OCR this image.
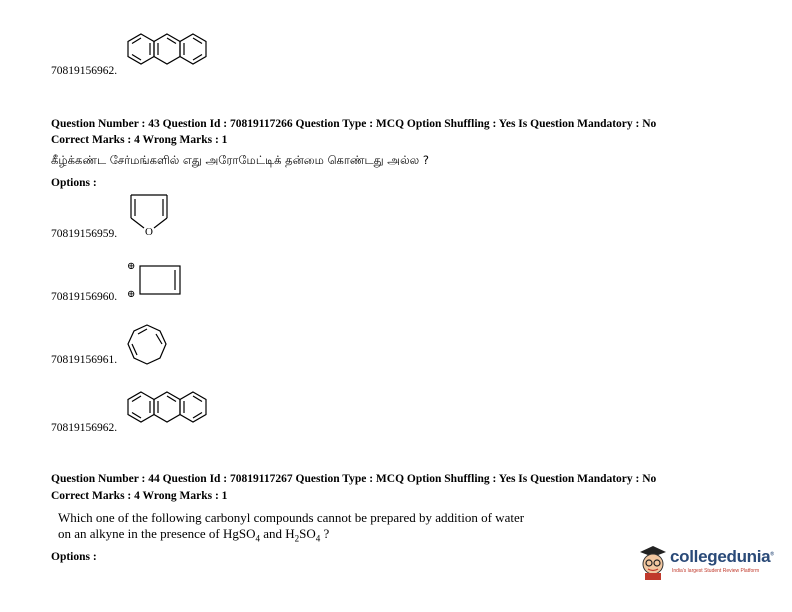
70819156962.
Question Number : 43 Question Id : 70819117266 Question Type : MCQ Option Shuffling : Yes Is Question Mandatory : No
Correct Marks : 4 Wrong Marks : 1
கீழ்க்கண்ட சேர்மங்களில் எது அரோமேட்டிக் தன்மை கொண்டது அல்ல ?
Options :
O
70819156959.
⊕
⊕
70819156960.
70819156961.
70819156962.
Question Number : 44 Question Id : 70819117267 Question Type : MCQ Option Shuffling : Yes Is Question Mandatory : No
Correct Marks : 4 Wrong Marks : 1
Which one of the following carbonyl compounds cannot be prepared by addition of water
on an alkyne in the presence of HgSO$_4$ and $H_2SO_4$ ?
Options :	collegedunia®
India's largest Student Review Platform
